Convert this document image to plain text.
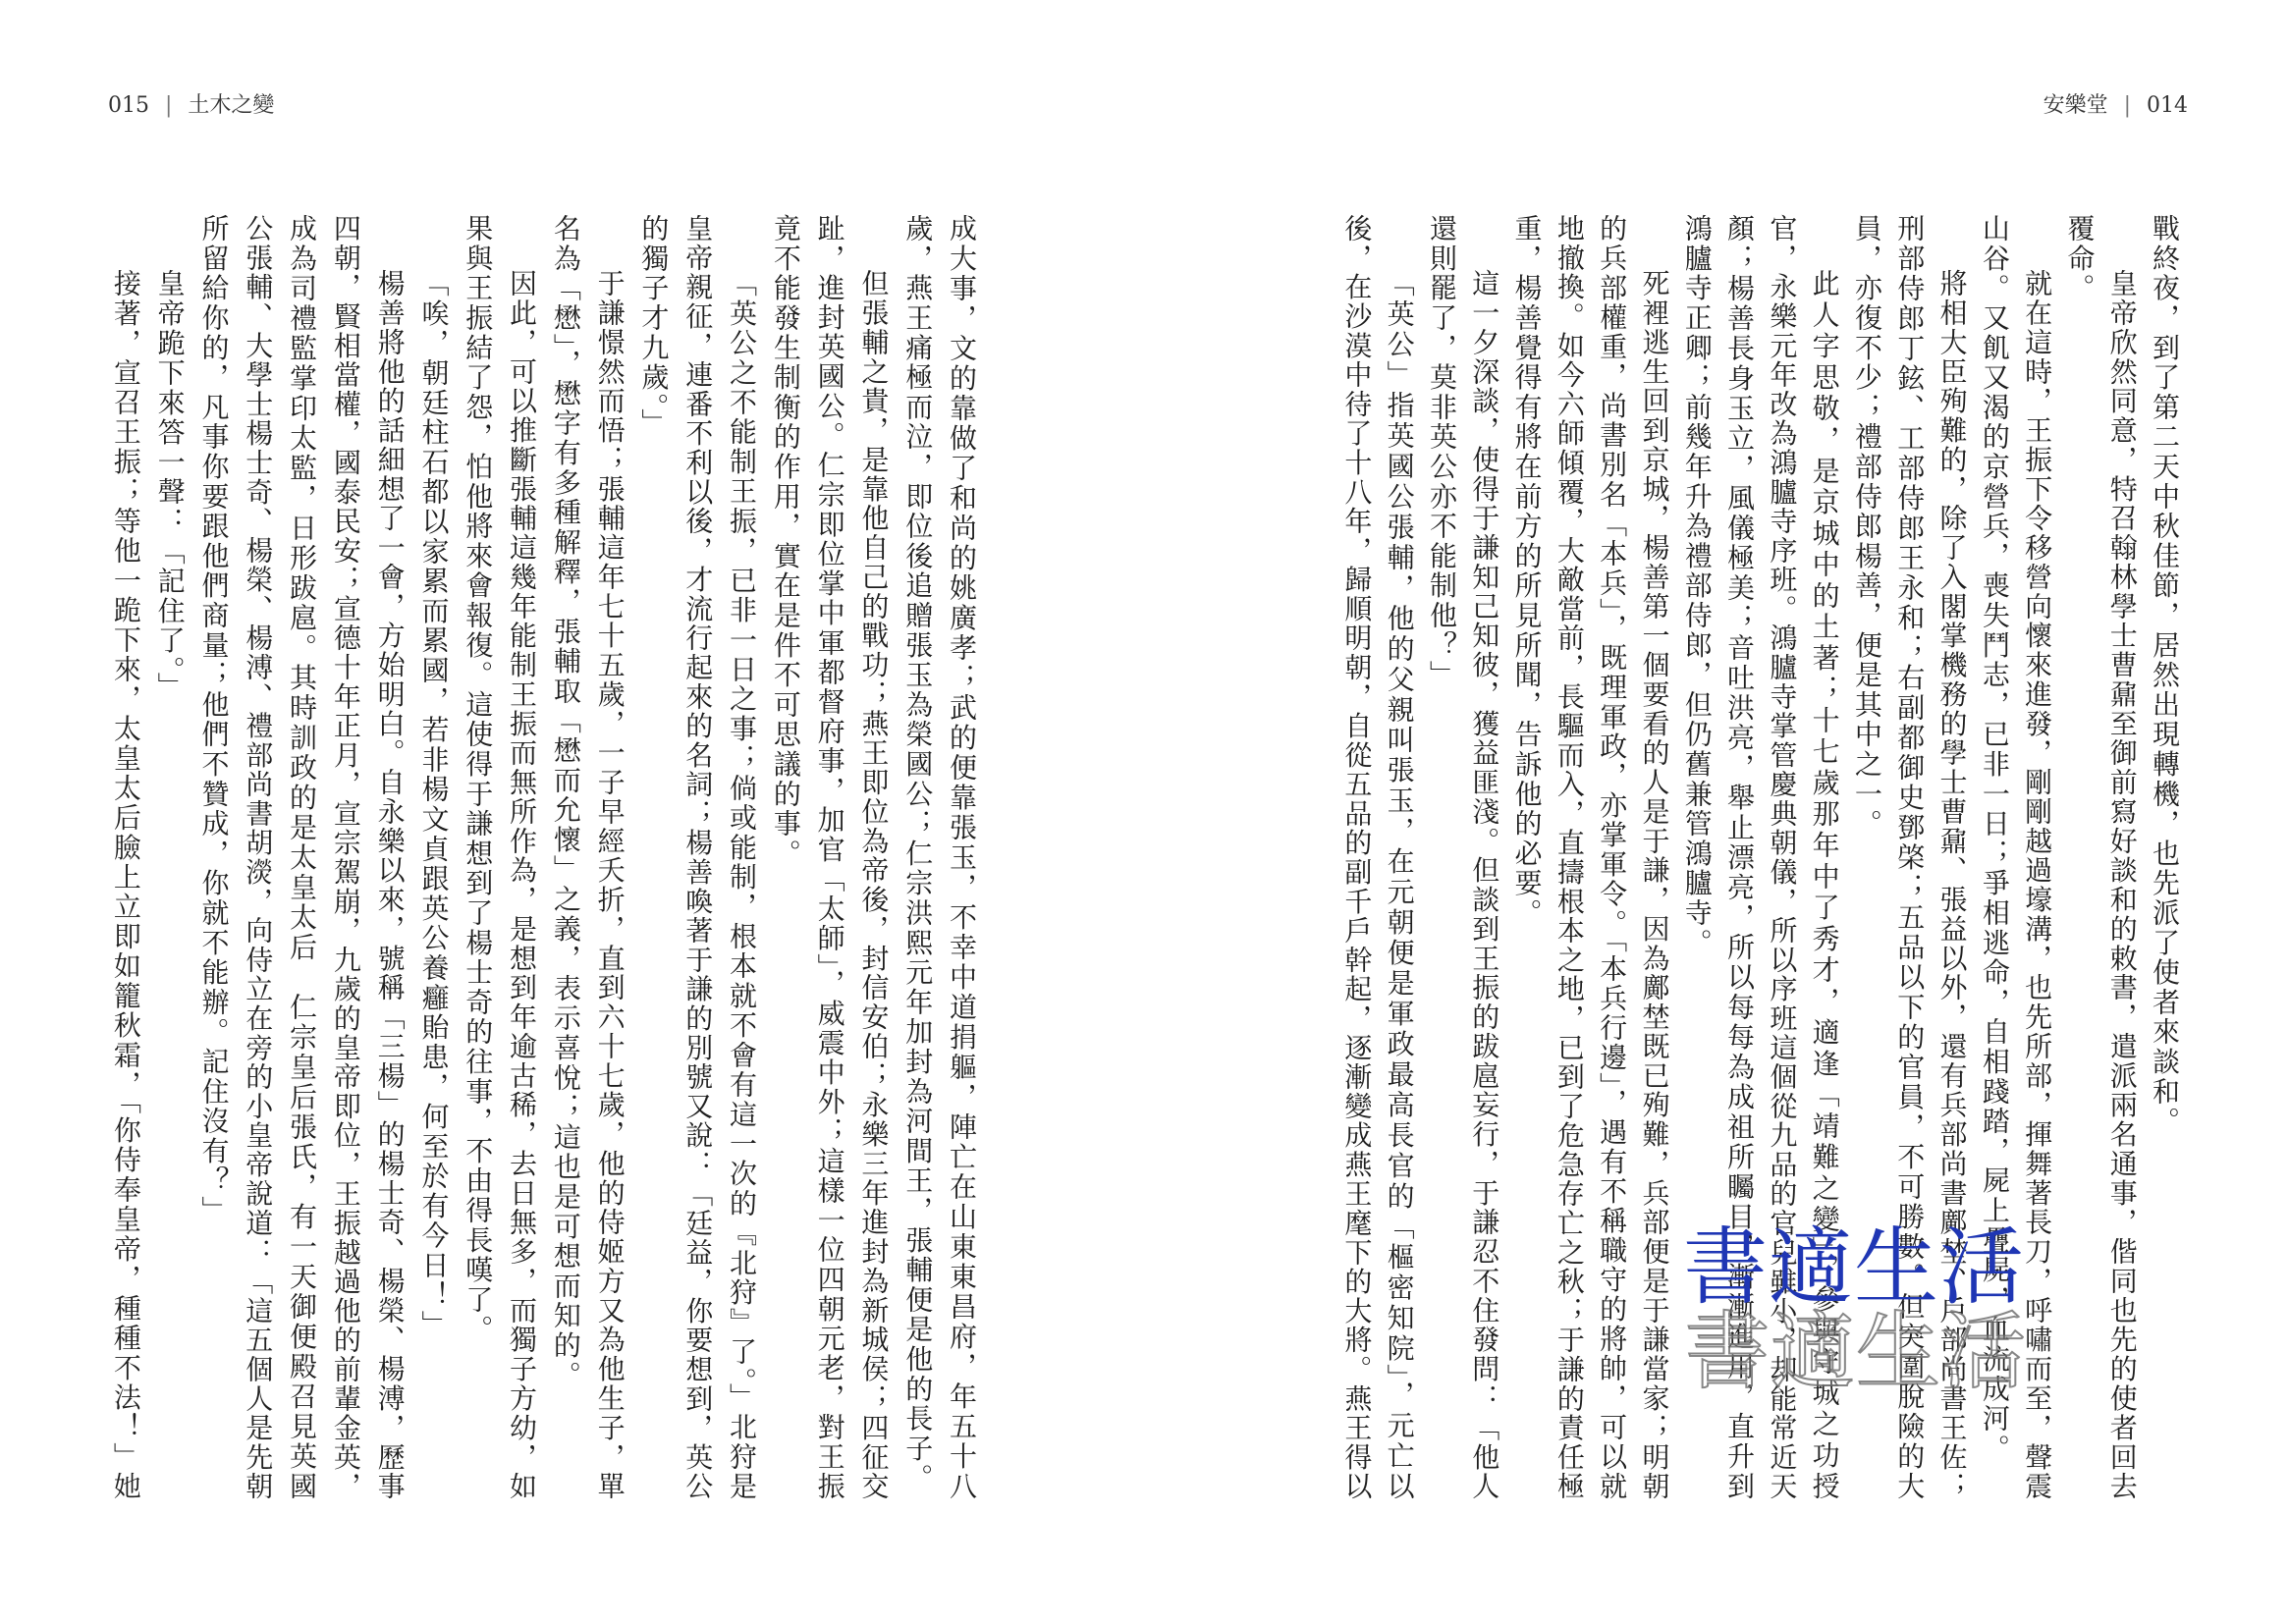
015 | 土木之變	安樂堂 | 014
成大事，文的靠做了和尚的姚廣孝；武的便靠張玉，不幸中道捐軀，陣亡在山東東昌府，年五十八
歲，燕王痛極而泣，即位後追贈張玉為榮國公；仁宗洪熙元年加封為河間王，張輔便是他的長子。
但張輔之貴，是靠他自己的戰功；燕王即位為帝後，封信安伯；永樂三年進封為新城侯；四征交
趾，進封英國公。仁宗即位掌中軍都督府事，加官「太師」，威震中外；這樣一位四朝元老，對王振
竟不能發生制衡的作用，實在是件不可思議的事。
「英公之不能制王振，已非一日之事；倘或能制，根本就不會有這一次的『北狩』了。」北狩是
皇帝親征，連番不利以後，才流行起來的名詞；楊善喚著于謙的別號又說：「廷益，你要想到，英公
的獨子才九歲。」
于謙憬然而悟；張輔這年七十五歲，一子早經夭折，直到六十七歲，他的侍姬方又為他生子，單
名為「懋」，懋字有多種解釋，張輔取「懋而允懷」之義，表示喜悅；這也是可想而知的。
因此，可以推斷張輔這幾年能制王振而無所作為，是想到年逾古稀，去日無多，而獨子方幼，如
果與王振結了怨，怕他將來會報復。這使得于謙想到了楊士奇的往事，不由得長嘆了。
「唉，朝廷柱石都以家累而累國，若非楊文貞跟英公養癰貽患，何至於有今日！」
楊善將他的話細想了一會，方始明白。自永樂以來，號稱「三楊」的楊士奇、楊榮、楊溥，歷事
四朝，賢相當權，國泰民安；宣德十年正月，宣宗駕崩，九歲的皇帝即位，王振越過他的前輩金英，
成為司禮監掌印太監，日形跋扈。其時訓政的是太皇太后　仁宗皇后張氏，有一天御便殿召見英國
公張輔、大學士楊士奇、楊榮、楊溥、禮部尚書胡濙，向侍立在旁的小皇帝說道：「這五個人是先朝
所留給你的，凡事你要跟他們商量；他們不贊成，你就不能辦。記住沒有？」
皇帝跪下來答一聲：「記住了。」
接著，宣召王振；等他一跪下來，太皇太后臉上立即如籠秋霜，「你侍奉皇帝，種種不法！」她	戰終夜，到了第二天中秋佳節，居然出現轉機，也先派了使者來談和。
皇帝欣然同意，特召翰林學士曹鼐至御前寫好談和的敕書，遣派兩名通事，偕同也先的使者回去
覆命。
就在這時，王振下令移營向懷來進發，剛剛越過壕溝，也先所部，揮舞著長刀，呼嘯而至，聲震
山谷。又飢又渴的京營兵，喪失鬥志，已非一日；爭相逃命，自相踐踏，屍上疊屍，血流成河。
將相大臣殉難的，除了入閣掌機務的學士曹鼐、張益以外，還有兵部尚書鄺埜、戶部尚書王佐；
刑部侍郎丁鉉、工部侍郎王永和；右副都御史鄧棨；五品以下的官員，不可勝數。但突圍脫險的大
員，亦復不少；禮部侍郎楊善，便是其中之一。
此人字思敬，是京城中的土著；十七歲那年中了秀才，適逢「靖難之變」，參與守城之功授
官，永樂元年改為鴻臚寺序班。鴻臚寺掌管慶典朝儀，所以序班這個從九品的官兒雖小，却能常近天
顏；楊善長身玉立，風儀極美；音吐洪亮，舉止漂亮，所以每每為成祖所矚目，漸漸進用，直升到
鴻臚寺正卿；前幾年升為禮部侍郎，但仍舊兼管鴻臚寺。
死裡逃生回到京城，楊善第一個要看的人是于謙，因為鄺埜既已殉難，兵部便是于謙當家；明朝
的兵部權重，尚書別名「本兵」，既理軍政，亦掌軍令。「本兵行邊」，遇有不稱職守的將帥，可以就
地撤換。如今六師傾覆，大敵當前，長驅而入，直擣根本之地，已到了危急存亡之秋；于謙的責任極
重，楊善覺得有將在前方的所見所聞，告訴他的必要。
這一夕深談，使得于謙知己知彼，獲益匪淺。但談到王振的跋扈妄行，于謙忍不住發問：「他人
還則罷了，莫非英公亦不能制他？」
「英公」指英國公張輔，他的父親叫張玉，在元朝便是軍政最高長官的「樞密知院」，元亡以
後，在沙漠中待了十八年，歸順明朝，自從五品的副千戶幹起，逐漸變成燕王麾下的大將。燕王得以	書適生活
書適生活
